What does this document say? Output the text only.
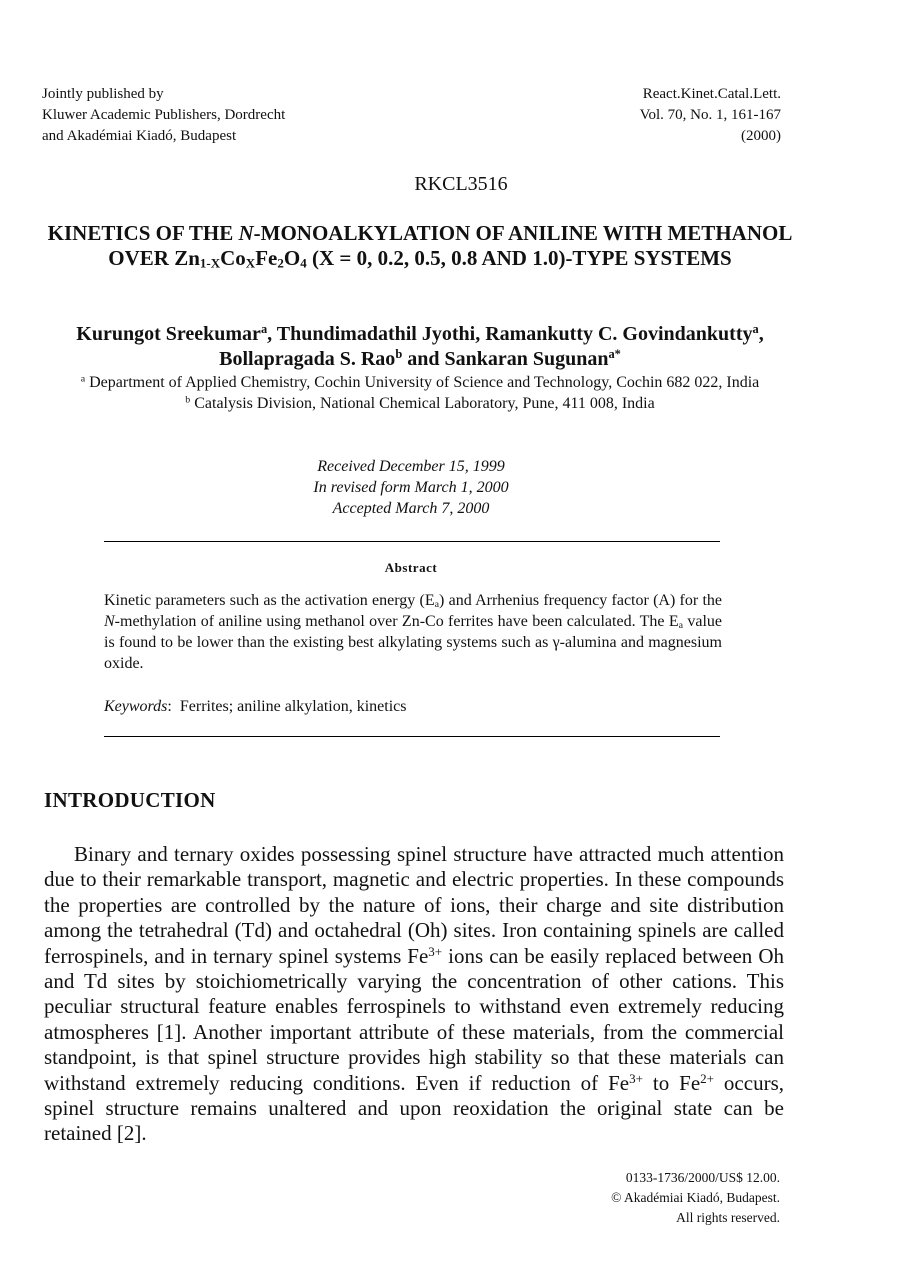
Jointly published by
Kluwer Academic Publishers, Dordrecht
and Akadémiai Kiadó, Budapest
React.Kinet.Catal.Lett.
Vol. 70, No. 1, 161-167
(2000)
RKCL3516
KINETICS OF THE N-MONOALKYLATION OF ANILINE WITH METHANOL OVER $Zn_{1-X}Co_XFe_2O_4$ (X = 0, 0.2, 0.5, 0.8 AND 1.0)-TYPE SYSTEMS
Kurungot Sreekumar$^a$, Thundimadathil Jyothi, Ramankutty C. Govindankutty$^a$, Bollapragada S. Rao$^b$ and Sankaran Sugunan$^{a*}$
$^a$ Department of Applied Chemistry, Cochin University of Science and Technology, Cochin 682 022, India
$^b$ Catalysis Division, National Chemical Laboratory, Pune, 411 008, India
Received December 15, 1999
In revised form March 1, 2000
Accepted March 7, 2000
Abstract
Kinetic parameters such as the activation energy $(E_a)$ and Arrhenius frequency factor (A) for the N-methylation of aniline using methanol over Zn-Co ferrites have been calculated. The $E_a$ value is found to be lower than the existing best alkylating systems such as γ-alumina and magnesium oxide.
Keywords:  Ferrites; aniline alkylation, kinetics
INTRODUCTION

Binary and ternary oxides possessing spinel structure have attracted much attention due to their remarkable transport, magnetic and electric properties. In these compounds the properties are controlled by the nature of ions, their charge and site distribution among the tetrahedral (Td) and octahedral (Oh) sites. Iron containing spinels are called ferrospinels, and in ternary spinel systems $Fe^{3+}$ ions can be easily replaced between Oh and Td sites by stoichiometrically varying the concentration of other cations. This peculiar structural feature enables ferrospinels to withstand even extremely reducing atmospheres [1]. Another important attribute of these materials, from the commercial standpoint, is that spinel structure provides high stability so that these materials can withstand extremely reducing conditions. Even if reduction of $Fe^{3+}$ to $Fe^{2+}$ occurs, spinel structure remains unaltered and upon reoxidation the original state can be retained [2].

0133-1736/2000/US$ 12.00.
© Akadémiai Kiadó, Budapest.
All rights reserved.
